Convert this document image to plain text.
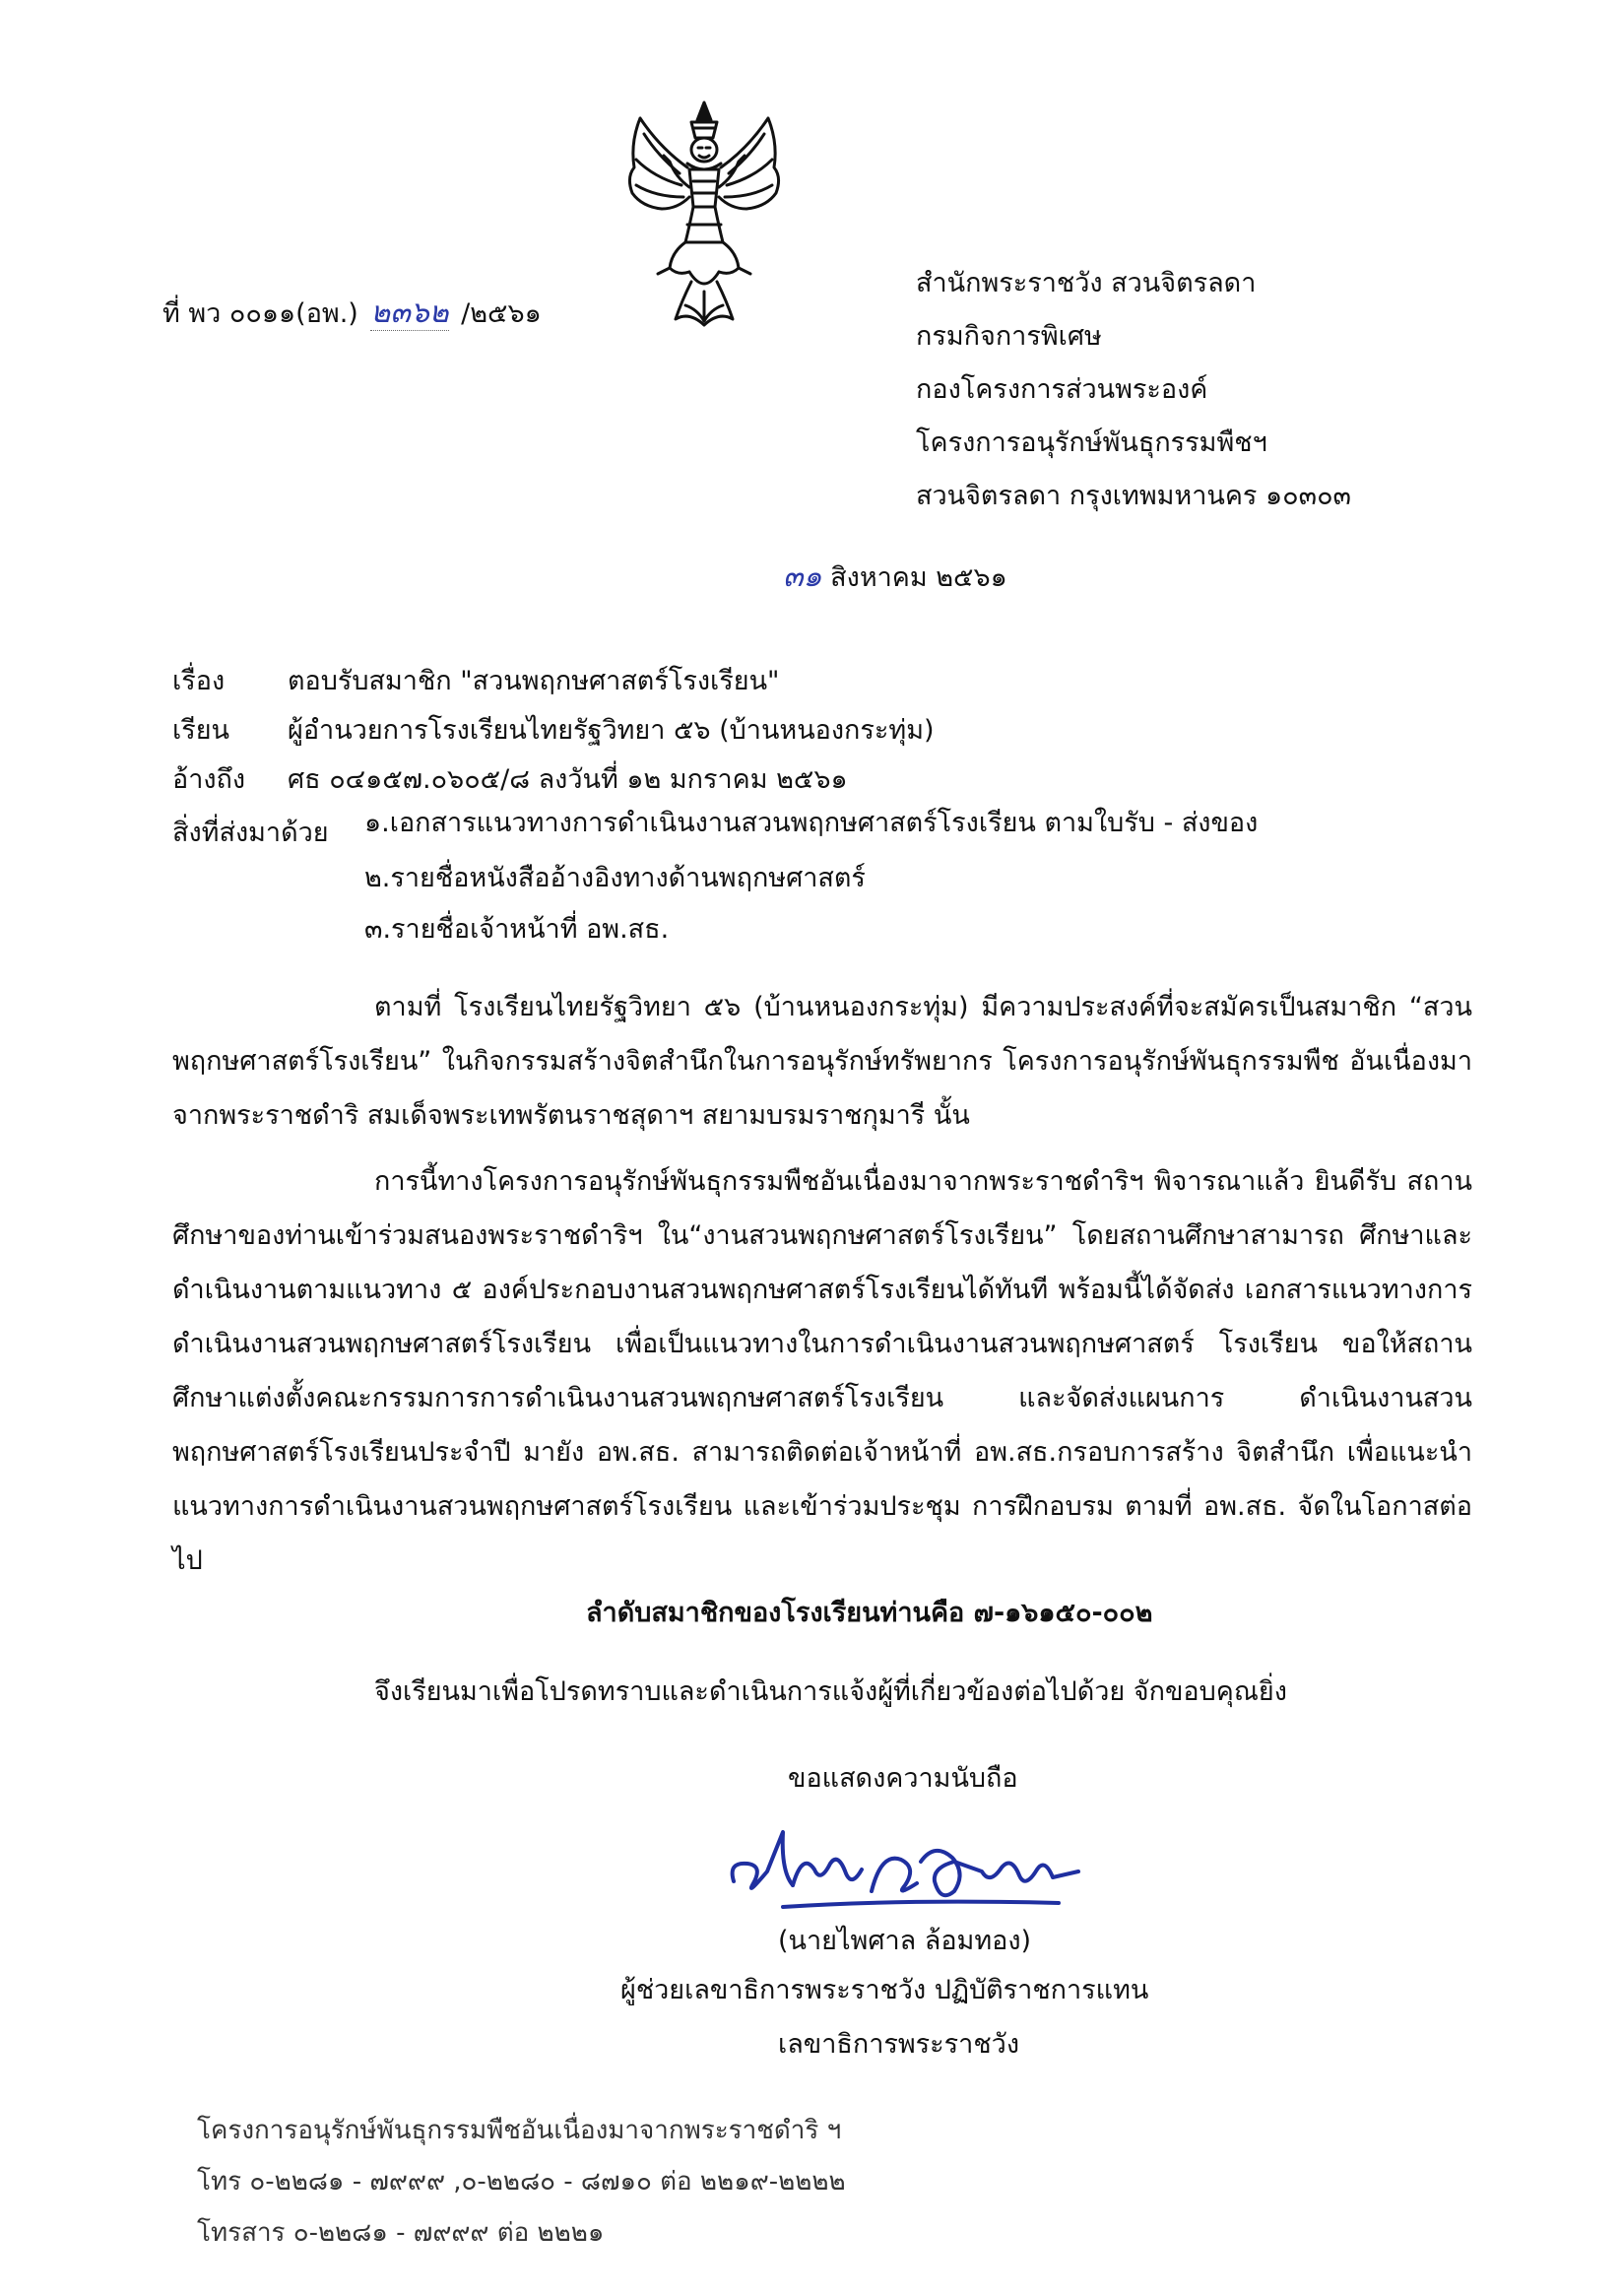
ที่ พว ๐๐๑๑(อพ.) ๒๓๖๒ /๒๕๖๑
สำนักพระราชวัง สวนจิตรลดา
กรมกิจการพิเศษ
กองโครงการส่วนพระองค์
โครงการอนุรักษ์พันธุกรรมพืชฯ
สวนจิตรลดา กรุงเทพมหานคร ๑๐๓๐๓
๓๑ สิงหาคม ๒๕๖๑
เรื่อง ตอบรับสมาชิก "สวนพฤกษศาสตร์โรงเรียน"
เรียน ผู้อำนวยการโรงเรียนไทยรัฐวิทยา ๕๖ (บ้านหนองกระทุ่ม)
อ้างถึง ศธ ๐๔๑๕๗.๐๖๐๕/๘ ลงวันที่ ๑๒ มกราคม ๒๕๖๑
สิ่งที่ส่งมาด้วย ๑.เอกสารแนวทางการดำเนินงานสวนพฤกษศาสตร์โรงเรียน ตามใบรับ - ส่งของ
๒.รายชื่อหนังสืออ้างอิงทางด้านพฤกษศาสตร์
๓.รายชื่อเจ้าหน้าที่ อพ.สธ.
ตามที่ โรงเรียนไทยรัฐวิทยา ๕๖ (บ้านหนองกระทุ่ม) มีความประสงค์ที่จะสมัครเป็นสมาชิก “สวนพฤกษศาสตร์โรงเรียน” ในกิจกรรมสร้างจิตสำนึกในการอนุรักษ์ทรัพยากร โครงการอนุรักษ์พันธุกรรมพืช อันเนื่องมาจากพระราชดำริ สมเด็จพระเทพรัตนราชสุดาฯ สยามบรมราชกุมารี นั้น
การนี้ทางโครงการอนุรักษ์พันธุกรรมพืชอันเนื่องมาจากพระราชดำริฯ พิจารณาแล้ว ยินดีรับ สถานศึกษาของท่านเข้าร่วมสนองพระราชดำริฯ ใน“งานสวนพฤกษศาสตร์โรงเรียน” โดยสถานศึกษาสามารถ ศึกษาและดำเนินงานตามแนวทาง ๕ องค์ประกอบงานสวนพฤกษศาสตร์โรงเรียนได้ทันที พร้อมนี้ได้จัดส่ง เอกสารแนวทางการดำเนินงานสวนพฤกษศาสตร์โรงเรียน เพื่อเป็นแนวทางในการดำเนินงานสวนพฤกษศาสตร์ โรงเรียน ขอให้สถานศึกษาแต่งตั้งคณะกรรมการการดำเนินงานสวนพฤกษศาสตร์โรงเรียน และจัดส่งแผนการ ดำเนินงานสวนพฤกษศาสตร์โรงเรียนประจำปี มายัง อพ.สธ. สามารถติดต่อเจ้าหน้าที่ อพ.สธ.กรอบการสร้าง จิตสำนึก เพื่อแนะนำแนวทางการดำเนินงานสวนพฤกษศาสตร์โรงเรียน และเข้าร่วมประชุม การฝึกอบรม ตามที่ อพ.สธ. จัดในโอกาสต่อไป
ลำดับสมาชิกของโรงเรียนท่านคือ ๗-๑๖๑๕๐-๐๐๒
จึงเรียนมาเพื่อโปรดทราบและดำเนินการแจ้งผู้ที่เกี่ยวข้องต่อไปด้วย จักขอบคุณยิ่ง
ขอแสดงความนับถือ
(นายไพศาล ล้อมทอง)
ผู้ช่วยเลขาธิการพระราชวัง ปฏิบัติราชการแทน
เลขาธิการพระราชวัง
โครงการอนุรักษ์พันธุกรรมพืชอันเนื่องมาจากพระราชดำริ ฯ
โทร ๐-๒๒๘๑ - ๗๙๙๙ ,๐-๒๒๘๐ - ๘๗๑๐ ต่อ ๒๒๑๙-๒๒๒๒
โทรสาร ๐-๒๒๘๑ - ๗๙๙๙ ต่อ ๒๒๒๑
